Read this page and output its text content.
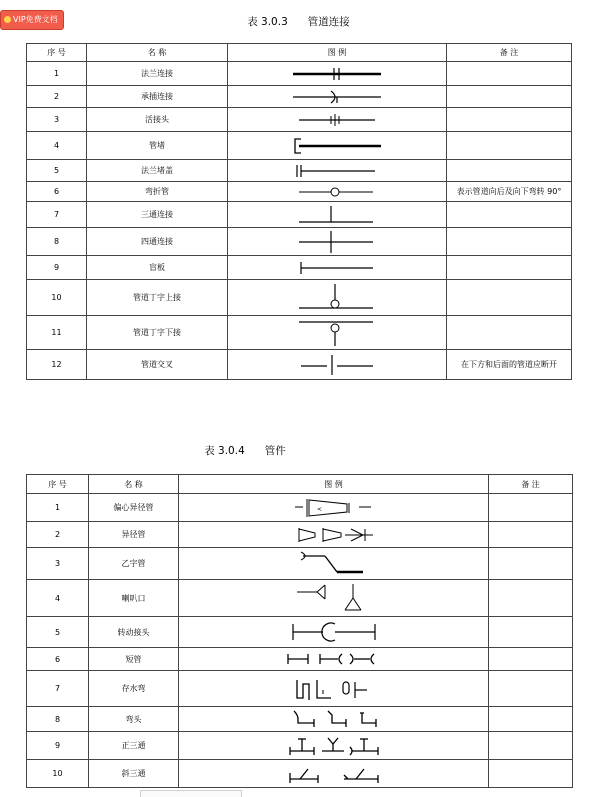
VIP免费文档	表 3.0.3      管道连接
序 号	名 称	图 例	备 注
1	法兰连接	

2	承插连接	

3	活接头	

4	管堵	

5	法兰堵盖	

6	弯折管		表示管道向后及向下弯转 90°
7	三通连接	

8	四通连接	

9	盲板	

10	管道丁字上接	

11	管道丁字下接	

12	管道交叉		在下方和后面的管道应断开
表 3.0.4      管件
序 号	名 称	图 例	备 注
1	偏心异径管	<	

2	异径管	

3	乙字管	

4	喇叭口	

5	转动接头	

6	短管	

7	存水弯	

8	弯头	

9	正三通	

10	斜三通	
